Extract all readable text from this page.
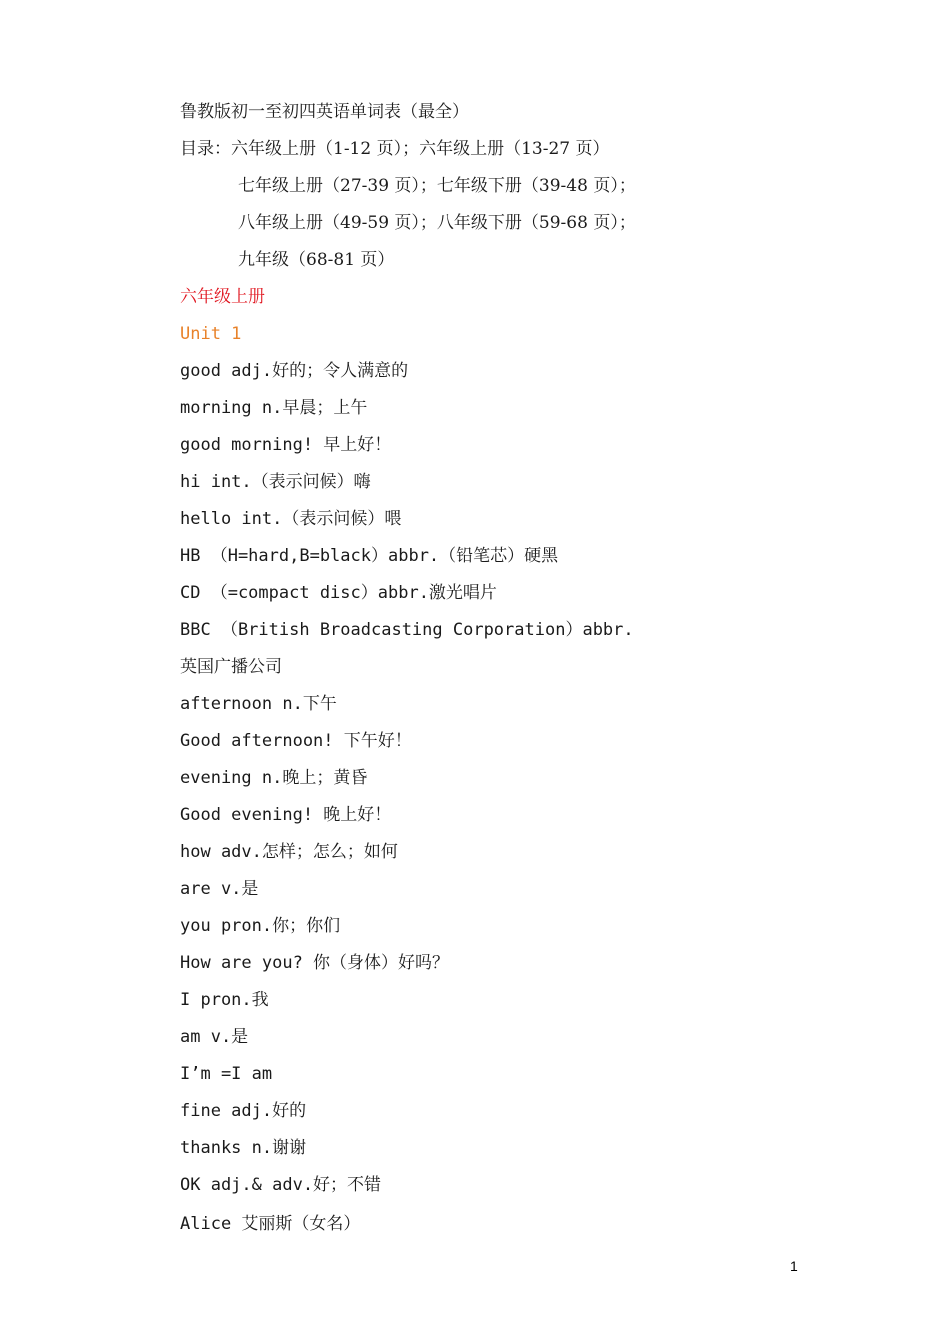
鲁教版初一至初四英语单词表（最全）
目录：六年级上册（1-12 页）；六年级上册（13-27 页）
七年级上册（27-39 页）；七年级下册（39-48 页）；
八年级上册（49-59 页）；八年级下册（59-68 页）；
九年级（68-81 页）
六年级上册
Unit 1
good adj.好的；令人满意的
morning n.早晨；上午
good morning! 早上好！
hi int.（表示问候）嗨
hello int.（表示问候）喂
HB （H=hard,B=black）abbr.（铅笔芯）硬黑
CD （=compact disc）abbr.激光唱片
BBC （British Broadcasting Corporation）abbr.
英国广播公司
afternoon n.下午
Good afternoon! 下午好！
evening n.晚上；黄昏
Good evening! 晚上好！
how adv.怎样；怎么；如何
are v.是
you pron.你；你们
How are you? 你（身体）好吗？
I pron.我
am v.是
I’m =I am
fine adj.好的
thanks n.谢谢
OK adj.& adv.好；不错
Alice 艾丽斯（女名）
1
